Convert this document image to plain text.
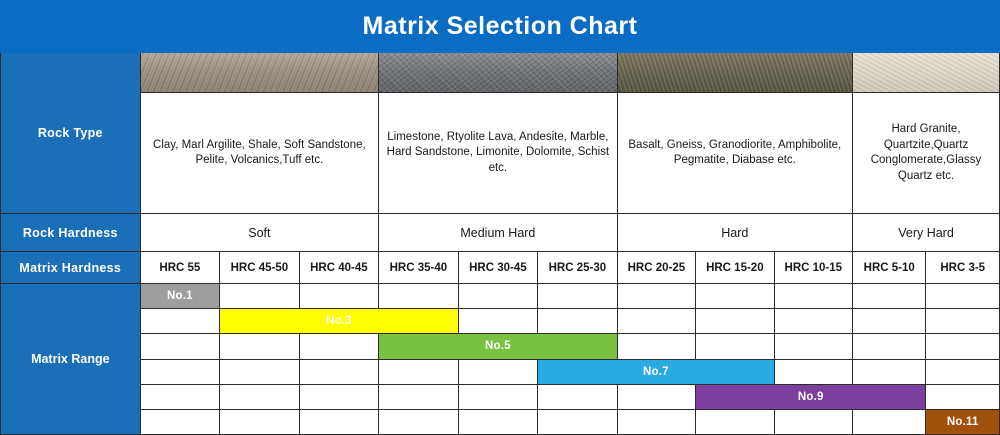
Matrix Selection Chart											
Rock Type								

	Clay, Marl Argilite, Shale, Soft Sandstone, Pelite, Volcanics,Tuff etc.			Limestone, Rtyolite Lava, Andesite, Marble, Hard Sandstone, Limonite, Dolomite, Schist etc.			Basalt, Gneiss, Granodiorite, Amphibolite, Pegmatite, Diabase etc.			Hard Granite, Quartzite,Quartz Conglomerate,Glassy Quartz etc.	
Rock Hardness	Soft			Medium Hard			Hard			Very Hard	
Matrix Hardness	HRC 55	HRC 45-50	HRC 40-45	HRC 35-40	HRC 30-45	HRC 25-30	HRC 20-25	HRC 15-20	HRC 10-15	HRC 5-10	HRC 3-5
Matrix Range	No.1										

		No.3									

				No.5							

						No.7					

								No.9			

											No.11
